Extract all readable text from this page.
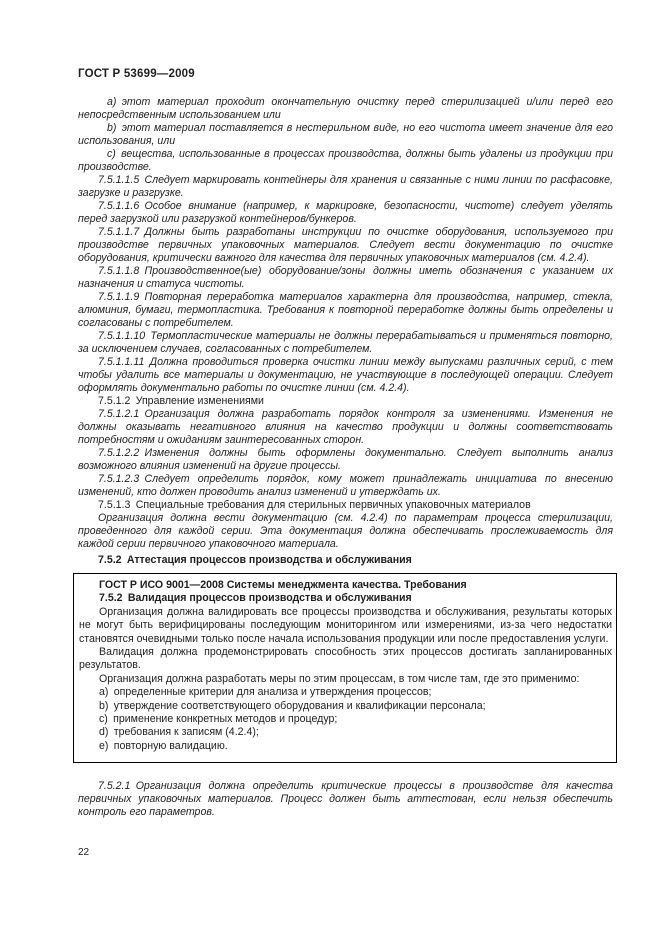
ГОСТ Р 53699—2009

a) этот материал проходит окончательную очистку перед стерилизацией и/или перед его непосредственным использованием или

b) этот материал поставляется в нестерильном виде, но его чистота имеет значение для его использования, или

c) вещества, использованные в процессах производства, должны быть удалены из продукции при производстве.

7.5.1.1.5 Следует маркировать контейнеры для хранения и связанные с ними линии по расфасовке, загрузке и разгрузке.

7.5.1.1.6 Особое внимание (например, к маркировке, безопасности, чистоте) следует уделять перед загрузкой или разгрузкой контейнеров/бункеров.

7.5.1.1.7 Должны быть разработаны инструкции по очистке оборудования, используемого при производстве первичных упаковочных материалов. Следует вести документацию по очистке оборудования, критически важного для качества для первичных упаковочных материалов (см. 4.2.4).

7.5.1.1.8 Производственное(ые) оборудование/зоны должны иметь обозначения с указанием их назначения и статуса чистоты.

7.5.1.1.9 Повторная переработка материалов характерна для производства, например, стекла, алюминия, бумаги, термопластика. Требования к повторной переработке должны быть определены и согласованы с потребителем.

7.5.1.1.10 Термопластические материалы не должны перерабатываться и применяться повторно, за исключением случаев, согласованных с потребителем.

7.5.1.1.11 Должна проводиться проверка очистки линии между выпусками различных серий, с тем чтобы удалить все материалы и документацию, не участвующие в последующей операции. Следует оформлять документально работы по очистке линии (см. 4.2.4).

7.5.1.2 Управление изменениями

7.5.1.2.1 Организация должна разработать порядок контроля за изменениями. Изменения не должны оказывать негативного влияния на качество продукции и должны соответствовать потребностям и ожиданиям заинтересованных сторон.

7.5.1.2.2 Изменения должны быть оформлены документально. Следует выполнить анализ возможного влияния изменений на другие процессы.

7.5.1.2.3 Следует определить порядок, кому может принадлежать инициатива по внесению изменений, кто должен проводить анализ изменений и утверждать их.

7.5.1.3 Специальные требования для стерильных первичных упаковочных материалов

Организация должна вести документацию (см. 4.2.4) по параметрам процесса стерилизации, проведенного для каждой серии. Эта документация должна обеспечивать прослеживаемость для каждой серии первичного упаковочного материала.

7.5.2 Аттестация процессов производства и обслуживания

ГОСТ Р ИСО 9001—2008 Системы менеджмента качества. Требования

7.5.2 Валидация процессов производства и обслуживания

Организация должна валидировать все процессы производства и обслуживания, результаты которых не могут быть верифицированы последующим мониторингом или измерениями, из-за чего недостатки становятся очевидными только после начала использования продукции или после предоставления услуги.

Валидация должна продемонстрировать способность этих процессов достигать запланированных результатов.

Организация должна разработать меры по этим процессам, в том числе там, где это применимо:

a) определенные критерии для анализа и утверждения процессов;

b) утверждение соответствующего оборудования и квалификации персонала;

c) применение конкретных методов и процедур;

d) требования к записям (4.2.4);

e) повторную валидацию.

7.5.2.1 Организация должна определить критические процессы в производстве для качества первичных упаковочных материалов. Процесс должен быть аттестован, если нельзя обеспечить контроль его параметров.

22
